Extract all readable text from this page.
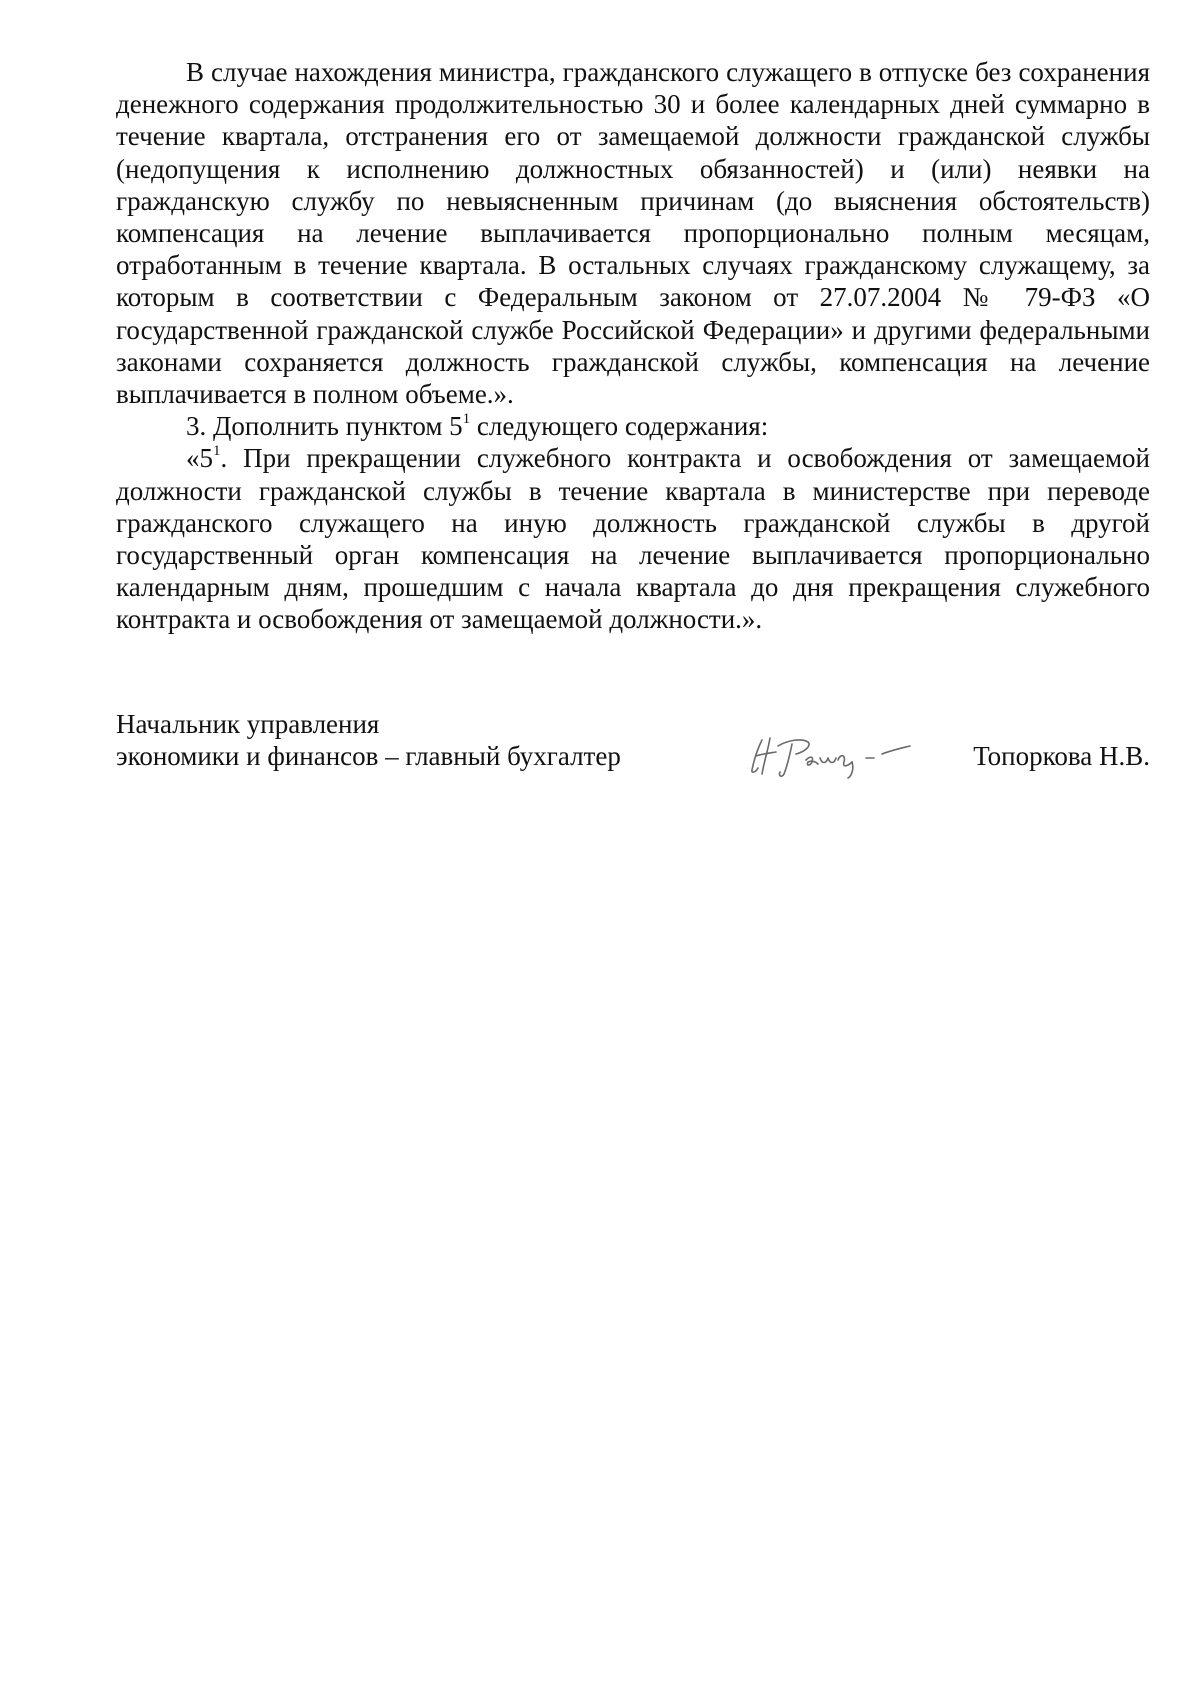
В случае нахождения министра, гражданского служащего в отпуске без сохранения денежного содержания продолжительностью 30 и более календарных дней суммарно в течение квартала, отстранения его от замещаемой должности гражданской службы (недопущения к исполнению должностных обязанностей) и (или) неявки на гражданскую службу по невыясненным причинам (до выяснения обстоятельств) компенсация на лечение выплачивается пропорционально полным месяцам, отработанным в течение квартала. В остальных случаях гражданскому служащему, за которым в соответствии с Федеральным законом от 27.07.2004 № 79-ФЗ «О государственной гражданской службе Российской Федерации» и другими федеральными законами сохраняется должность гражданской службы, компенсация на лечение выплачивается в полном объеме.».

3. Дополнить пунктом $5^1$ следующего содержания:

«$5^1$. При прекращении служебного контракта и освобождения от замещаемой должности гражданской службы в течение квартала в министерстве при переводе гражданского служащего на иную должность гражданской службы в другой государственный орган компенсация на лечение выплачивается пропорционально календарным дням, прошедшим с начала квартала до дня прекращения служебного контракта и освобождения от замещаемой должности.».

Начальник управления
экономики и финансов – главный бухгалтер	Топоркова Н.В.
